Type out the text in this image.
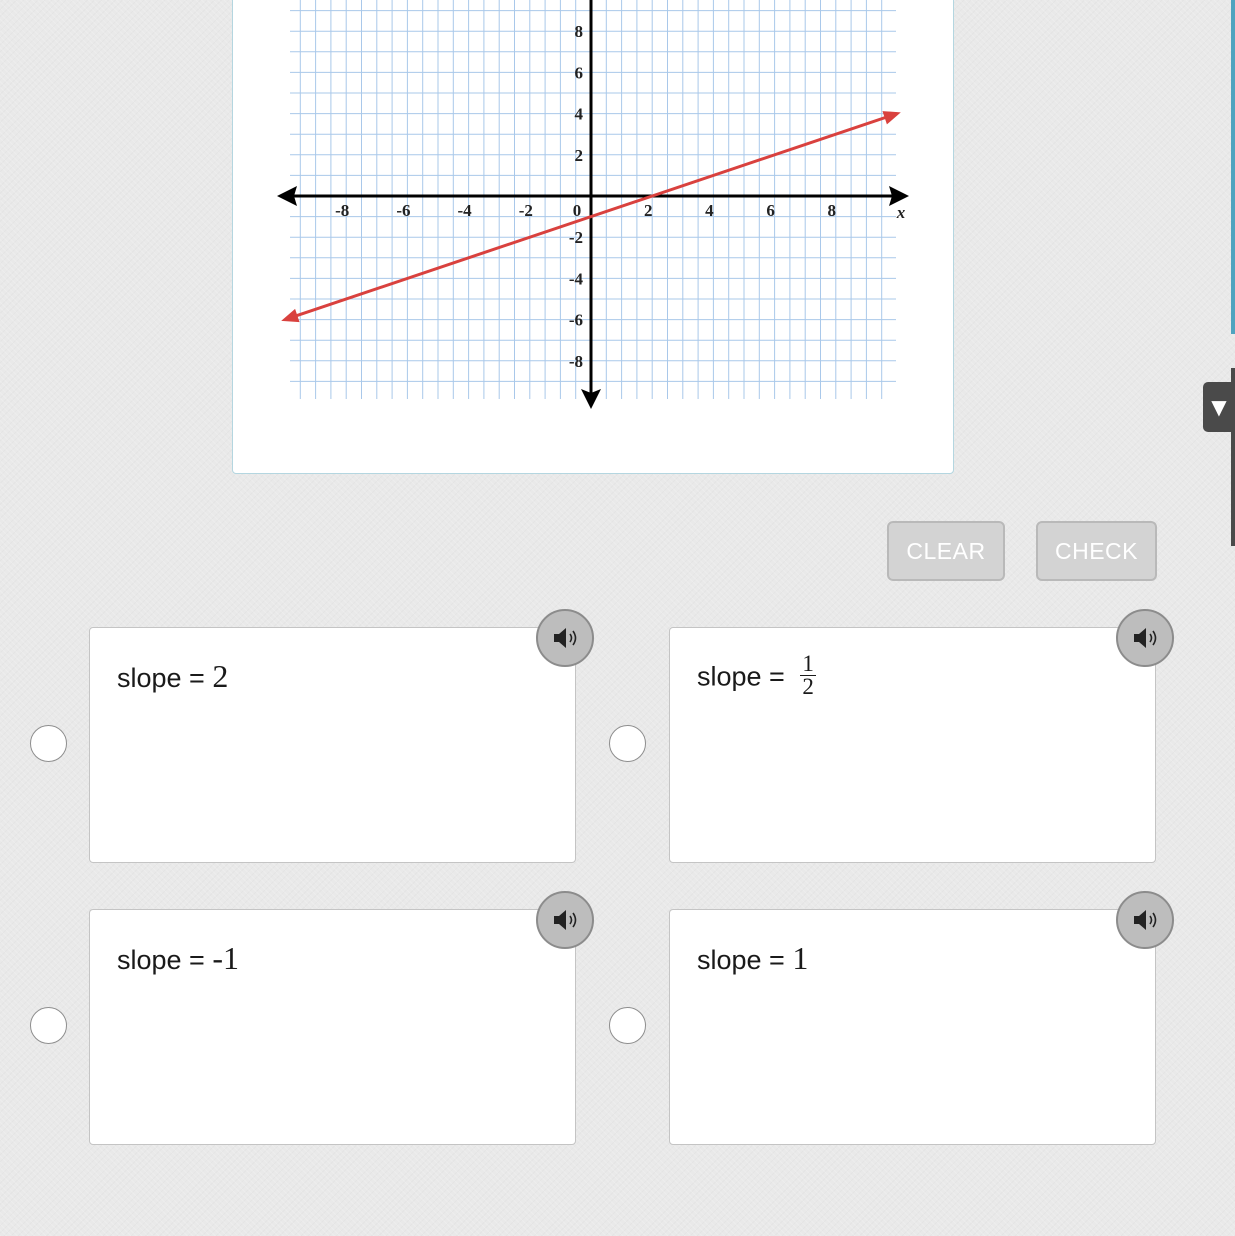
-8	-6	-4	-2 0	2	4	6	8
8
6
4
2
-2
-4
-6
-8
x
▼
CLEAR	CHECK
slope = 2	slope = $\frac{1}{2}$
slope = -1	slope = 1
